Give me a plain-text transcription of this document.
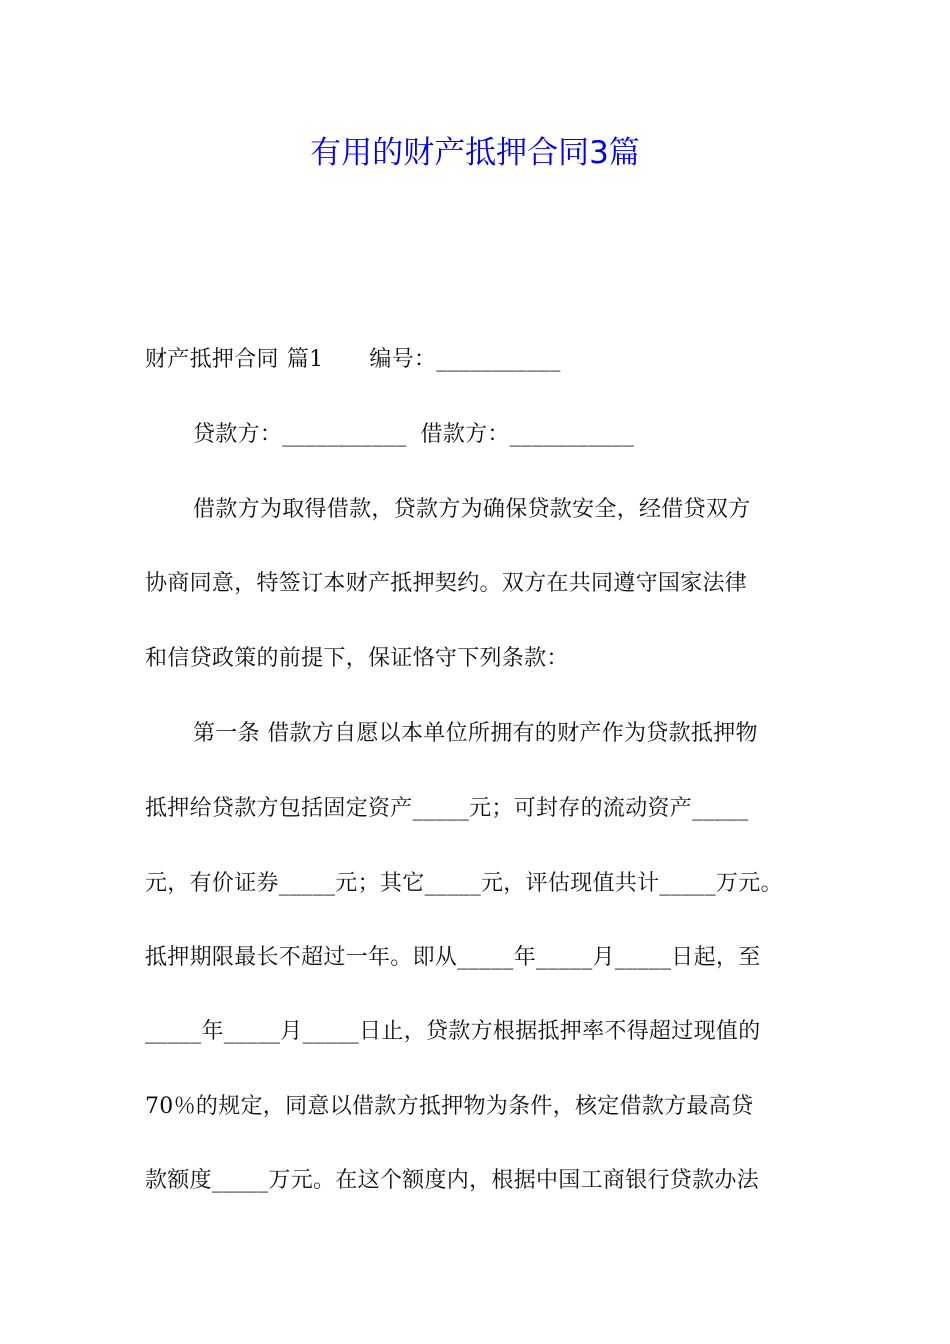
有用的财产抵押合同3篇
财产抵押合同 篇1 编号：___________
贷款方：___________ 借款方：___________
借款方为取得借款，贷款方为确保贷款安全，经借贷双方
协商同意，特签订本财产抵押契约。双方在共同遵守国家法律
和信贷政策的前提下，保证恪守下列条款：
第一条 借款方自愿以本单位所拥有的财产作为贷款抵押物
抵押给贷款方包括固定资产_____元；可封存的流动资产_____
元，有价证券_____元；其它_____元，评估现值共计_____万元。
抵押期限最长不超过一年。即从_____年_____月_____日起，至
_____年_____月_____日止，贷款方根据抵押率不得超过现值的
70％的规定，同意以借款方抵押物为条件，核定借款方最高贷
款额度_____万元。在这个额度内，根据中国工商银行贷款办法
